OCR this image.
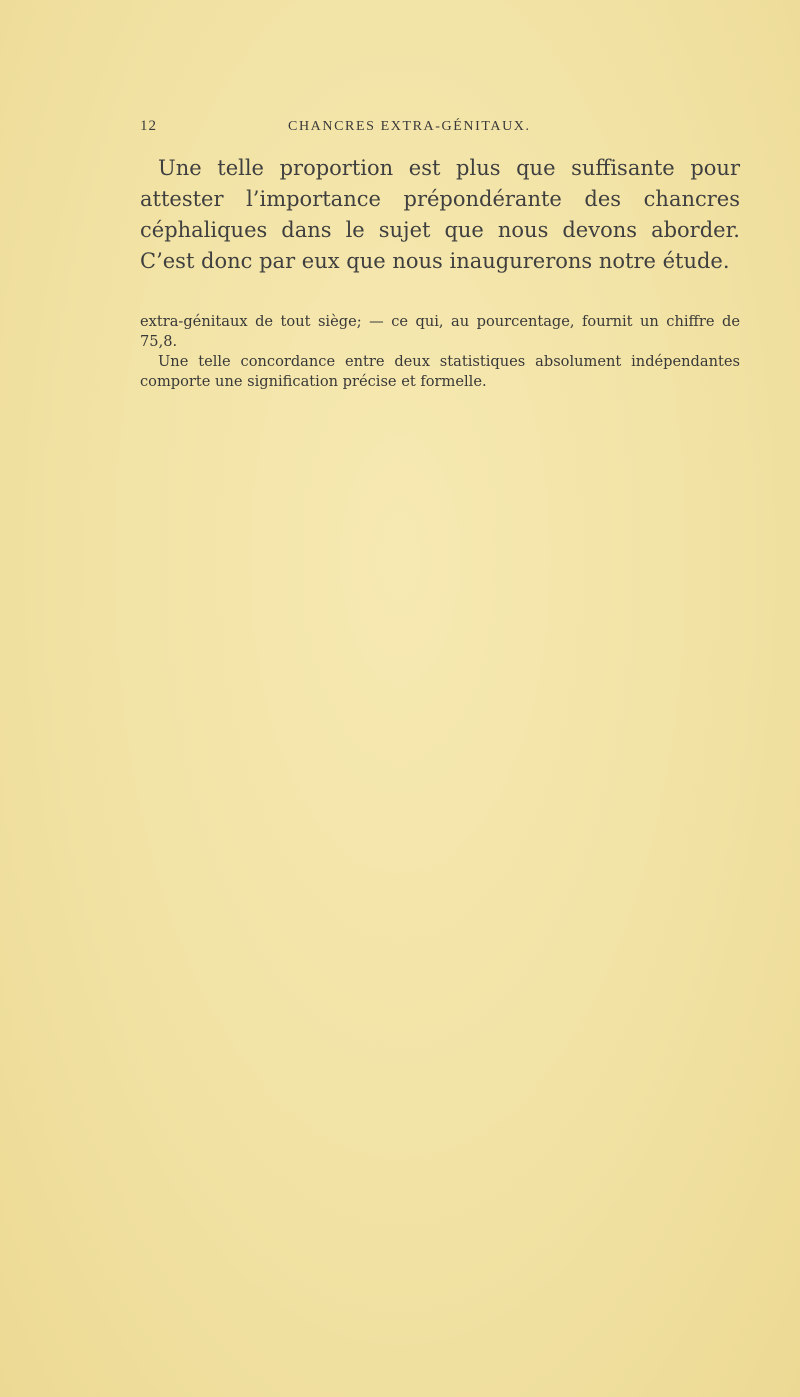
12	CHANCRES EXTRA-GÉNITAUX.

Une telle proportion est plus que suffisante pour attester l’importance prépondérante des chancres céphaliques dans le sujet que nous devons aborder. C’est donc par eux que nous inaugurerons notre étude.

extra-génitaux de tout siège; — ce qui, au pourcentage, fournit un chiffre de 75,8.

Une telle concordance entre deux statistiques absolument indépendantes comporte une signification précise et formelle.
